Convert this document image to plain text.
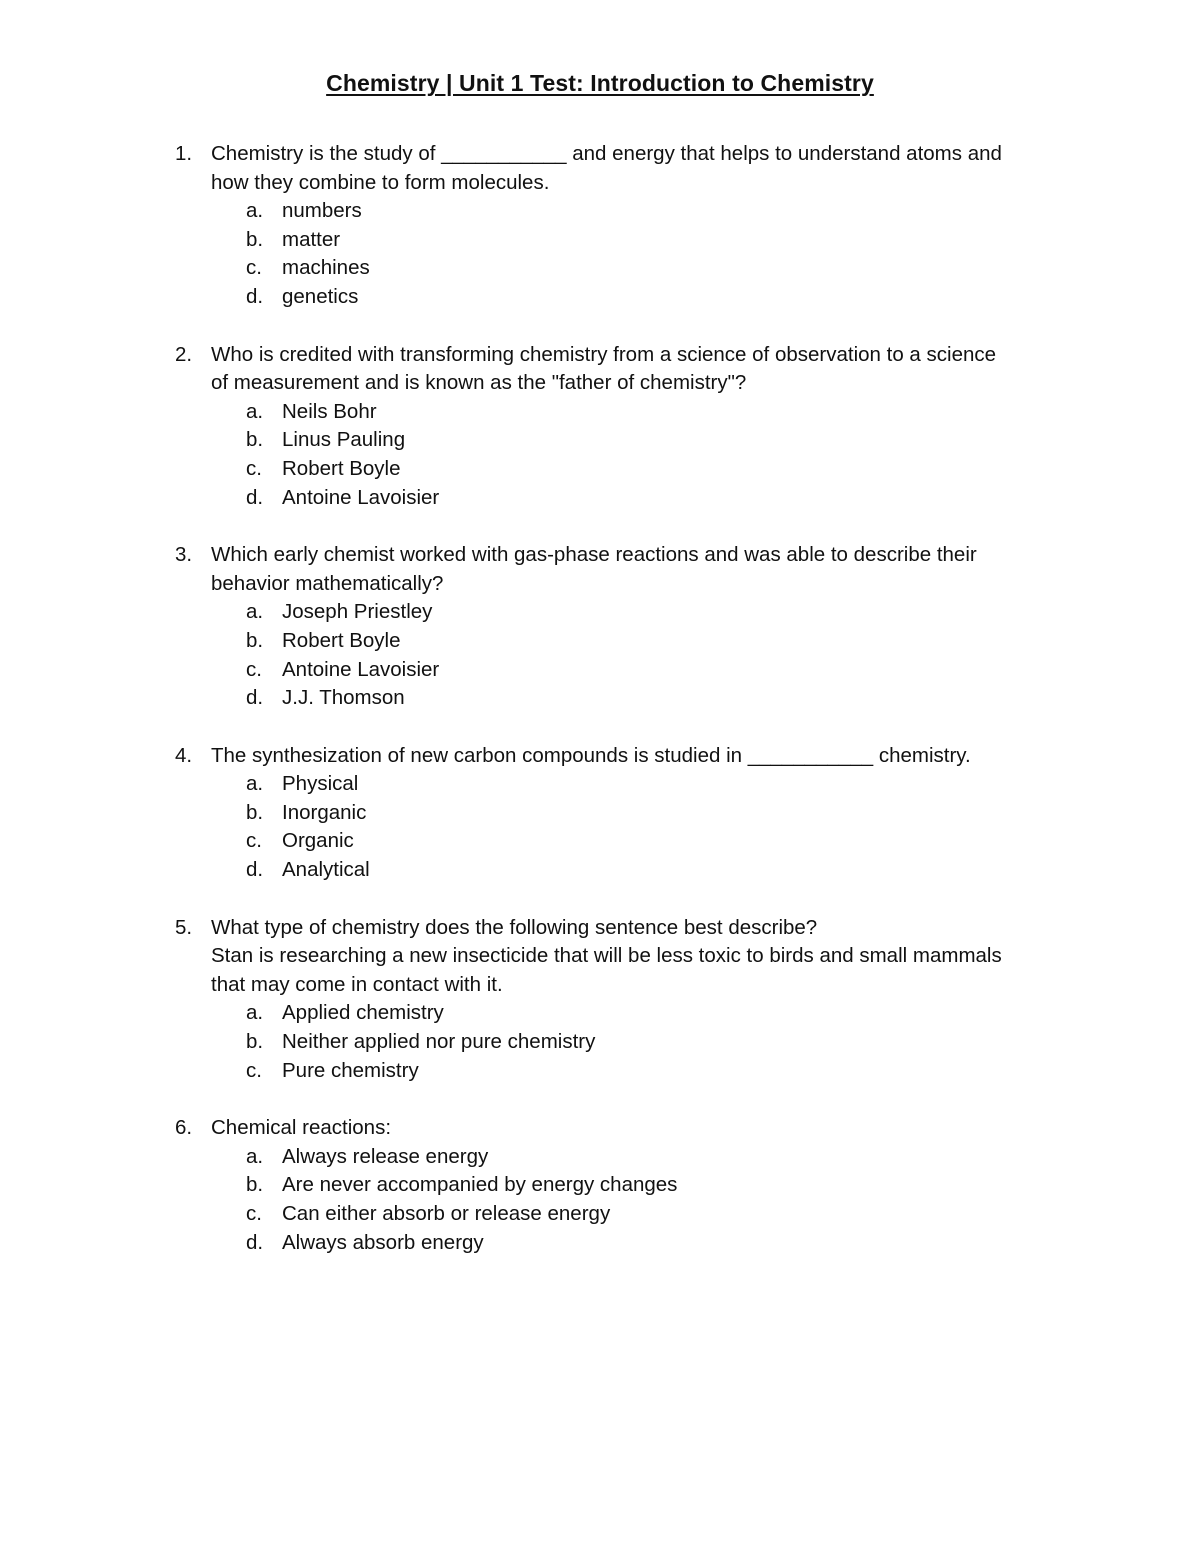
Chemistry | Unit 1 Test: Introduction to Chemistry
1. Chemistry is the study of ___________ and energy that helps to understand atoms and
how they combine to form molecules.
a. numbers
b. matter
c. machines
d. genetics
2. Who is credited with transforming chemistry from a science of observation to a science
of measurement and is known as the "father of chemistry"?
a. Neils Bohr
b. Linus Pauling
c. Robert Boyle
d. Antoine Lavoisier
3. Which early chemist worked with gas-phase reactions and was able to describe their
behavior mathematically?
a. Joseph Priestley
b. Robert Boyle
c. Antoine Lavoisier
d. J.J. Thomson
4. The synthesization of new carbon compounds is studied in ___________ chemistry.
a. Physical
b. Inorganic
c. Organic
d. Analytical
5. What type of chemistry does the following sentence best describe?
Stan is researching a new insecticide that will be less toxic to birds and small mammals
that may come in contact with it.
a. Applied chemistry
b. Neither applied nor pure chemistry
c. Pure chemistry
6. Chemical reactions:
a. Always release energy
b. Are never accompanied by energy changes
c. Can either absorb or release energy
d. Always absorb energy
